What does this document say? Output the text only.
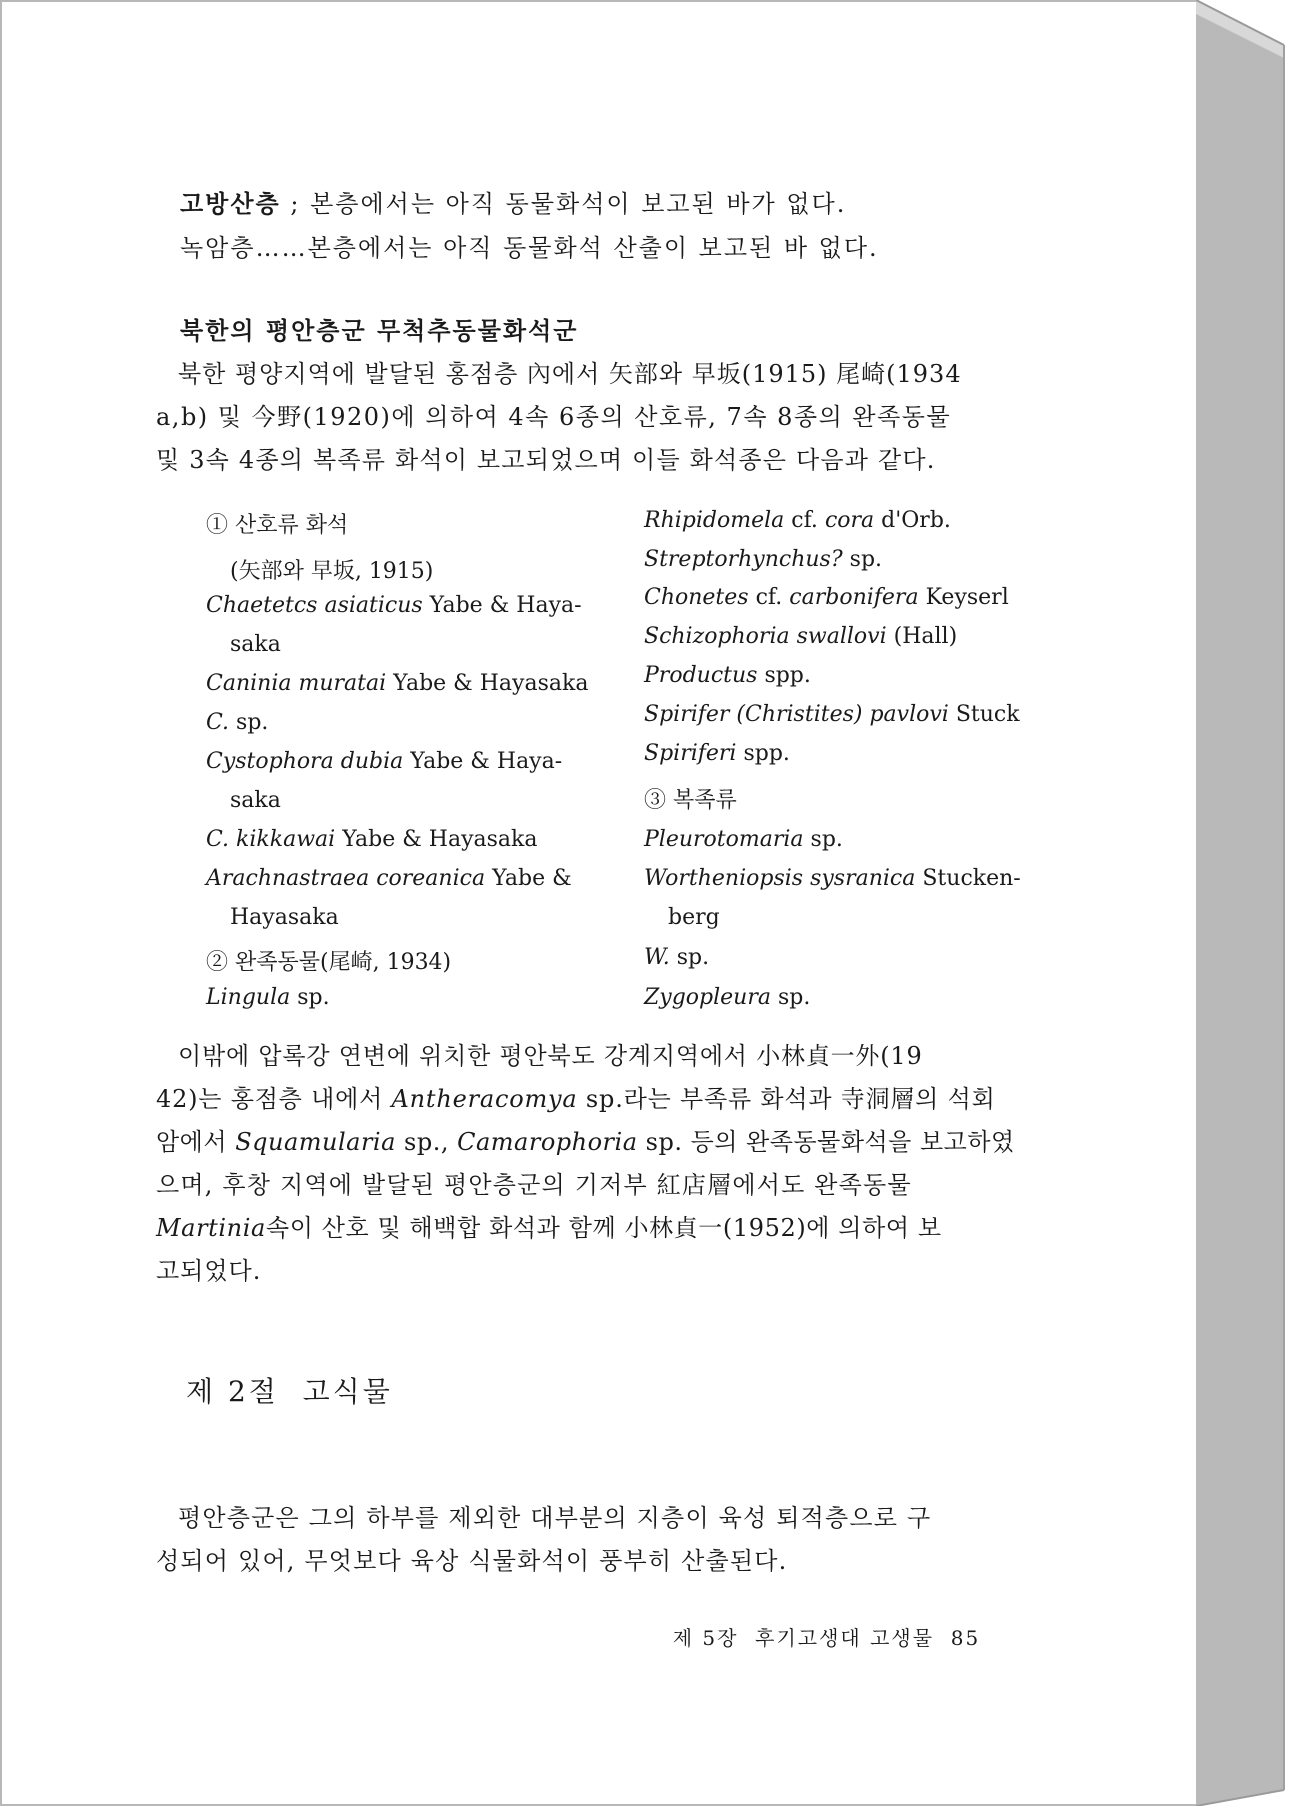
고방산층 ; 본층에서는 아직 동물화석이 보고된 바가 없다.
녹암층……본층에서는 아직 동물화석 산출이 보고된 바 없다.
북한의 평안층군 무척추동물화석군
북한 평양지역에 발달된 홍점층 內에서 矢部와 早坂(1915) 尾崎(1934
a,b) 및 今野(1920)에 의하여 4속 6종의 산호류, 7속 8종의 완족동물
및 3속 4종의 복족류 화석이 보고되었으며 이들 화석종은 다음과 같다.
① 산호류 화석
(矢部와 早坂, 1915)
Chaetetcs asiaticus Yabe & Haya-
saka
Caninia muratai Yabe & Hayasaka
C. sp.
Cystophora dubia Yabe & Haya-
saka
C. kikkawai Yabe & Hayasaka
Arachnastraea coreanica Yabe &
Hayasaka
② 완족동물(尾崎, 1934)
Lingula sp.
Rhipidomela cf. cora d'Orb.
Streptorhynchus? sp.
Chonetes cf. carbonifera Keyserl
Schizophoria swallovi (Hall)
Productus spp.
Spirifer (Christites) pavlovi Stuck
Spiriferi spp.
③ 복족류
Pleurotomaria sp.
Wortheniopsis sysranica Stucken-
berg
W. sp.
Zygopleura sp.
이밖에 압록강 연변에 위치한 평안북도 강계지역에서 小林貞一外(19
42)는 홍점층 내에서 Antheracomya sp.라는 부족류 화석과 寺洞層의 석회
암에서 Squamularia sp., Camarophoria sp. 등의 완족동물화석을 보고하였
으며, 후창 지역에 발달된 평안층군의 기저부 紅店層에서도 완족동물
Martinia속이 산호 및 해백합 화석과 함께 小林貞一(1952)에 의하여 보
고되었다.
제 2절  고식물
평안층군은 그의 하부를 제외한 대부분의 지층이 육성 퇴적층으로 구
성되어 있어, 무엇보다 육상 식물화석이 풍부히 산출된다.

제 5장  후기고생대 고생물 85
